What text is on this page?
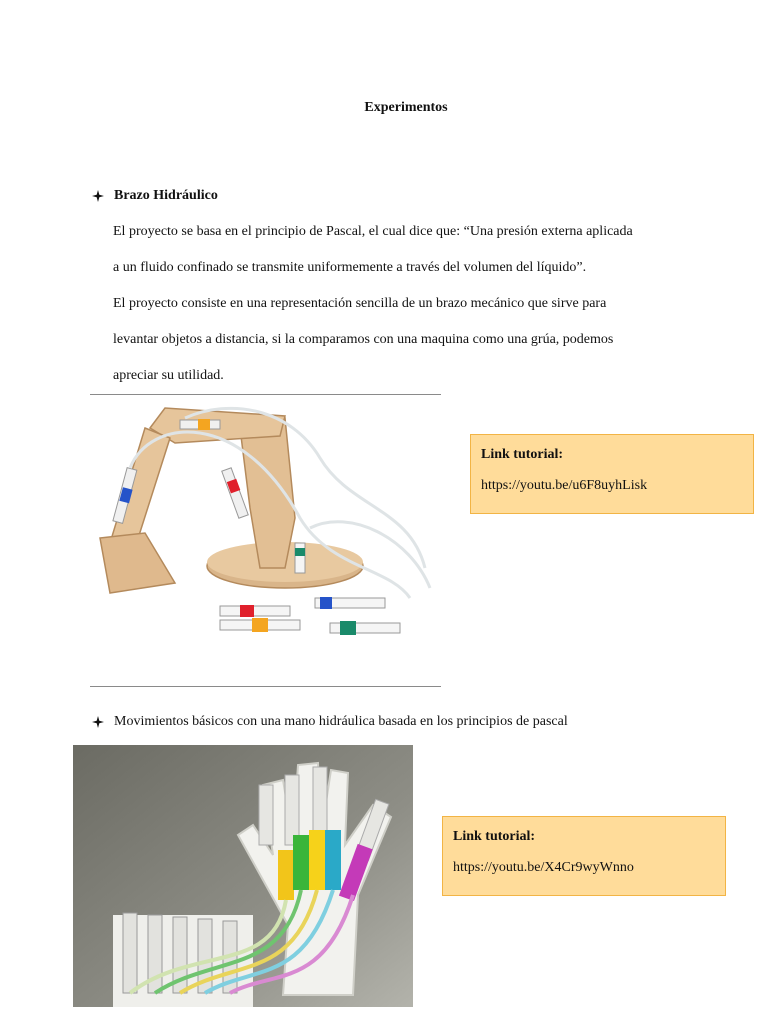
Experimentos
Brazo Hidráulico

El proyecto se basa en el principio de Pascal, el cual dice que: “Una presión externa aplicada

a un fluido confinado se transmite uniformemente a través del volumen del líquido”.

El proyecto consiste en una representación sencilla de un brazo mecánico que sirve para

levantar objetos a distancia, si la comparamos con una maquina como una grúa, podemos

apreciar su utilidad.

Link tutorial:
https://youtu.be/u6F8uyhLisk
Movimientos básicos con una mano hidráulica basada en los principios de pascal
Link tutorial:
https://youtu.be/X4Cr9wyWnno
